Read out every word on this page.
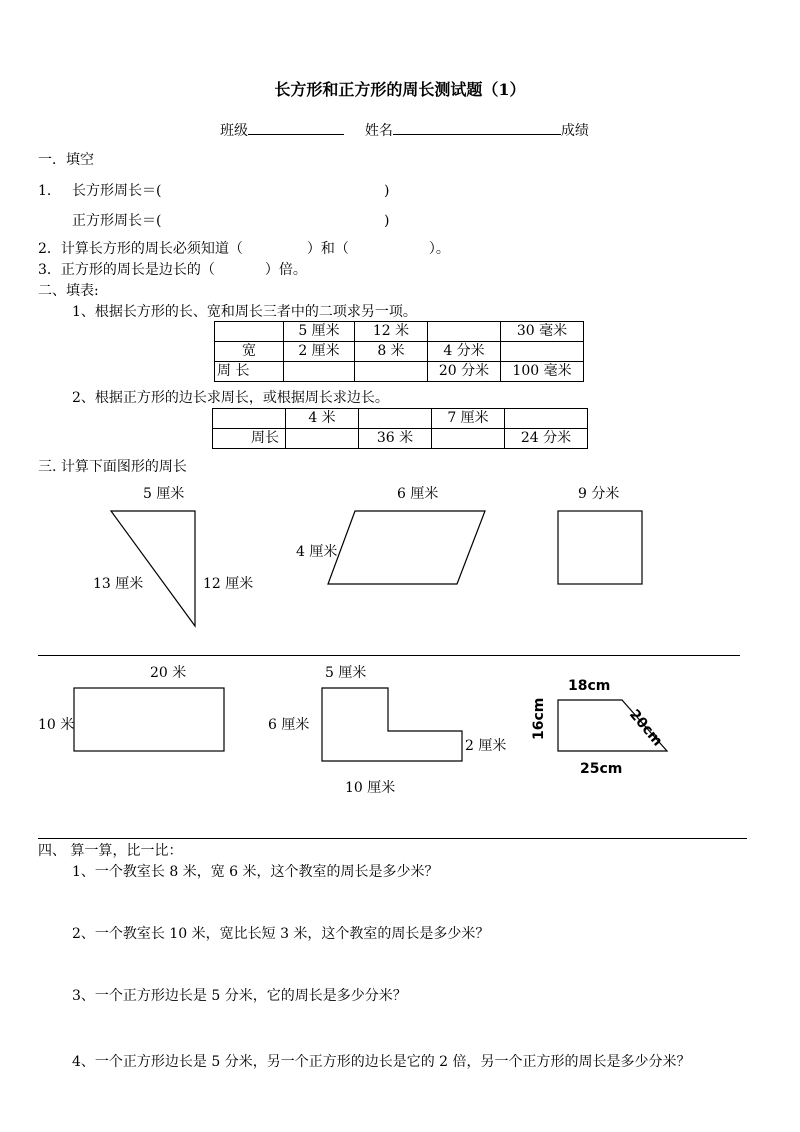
长方形和正方形的周长测试题（1）
班级	姓名	成绩
一．填空
1． 长方形周长＝(	)
正方形周长＝(	)
2．计算长方形的周长必须知道（	）和（	）。
3．正方形的周长是边长的（	）倍。
二、填表:
1、根据长方形的长、宽和周长三者中的二项求另一项。
	5 厘米	12 米		30 毫米
宽	2 厘米	8 米	4 分米	
周 长			20 分米	100 毫米
2、根据正方形的边长求周长，或根据周长求边长。
	4 米		7 厘米	
周长		36 米		24 分米
三. 计算下面图形的周长
5 厘米
13 厘米	12 厘米
6 厘米
4 厘米
9 分米
20 米
10 米
5 厘米
6 厘米
2 厘米
10 厘米
18cm
20cm
16cm
25cm
四、 算一算，比一比：
1、一个教室长 8 米，宽 6 米，这个教室的周长是多少米？
2、一个教室长 10 米，宽比长短 3 米，这个教室的周长是多少米？
3、一个正方形边长是 5 分米，它的周长是多少分米？
4、一个正方形边长是 5 分米，另一个正方形的边长是它的 2 倍，另一个正方形的周长是多少分米？
